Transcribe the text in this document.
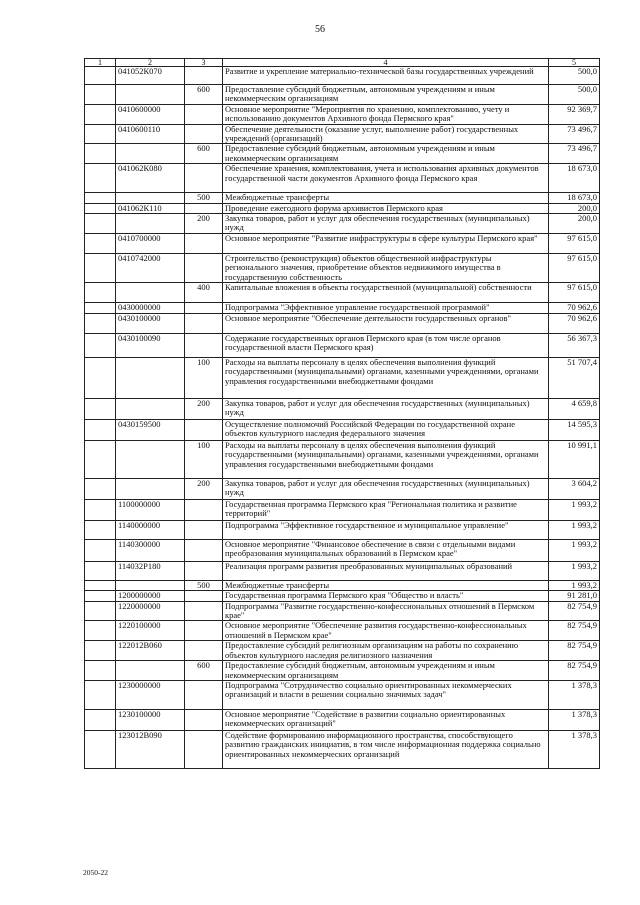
56
1	2	3	4	5
	041052К070		Развитие и укрепление материально-технической базы государственных учреждений	500,0
		600	Предоставление субсидий бюджетным, автономным учреждениям и иным некоммерческим организациям	500,0
	0410600000		Основное мероприятие "Мероприятия по хранению, комплектованию, учету и использованию документов Архивного фонда Пермского края"	92 369,7
	0410600110		Обеспечение деятельности (оказание услуг, выполнение работ) государственных учреждений (организаций)	73 496,7
		600	Предоставление субсидий бюджетным, автономным учреждениям и иным некоммерческим организациям	73 496,7
	041062К080		Обеспечение хранения, комплектования, учета и использования архивных документов государственной части документов Архивного фонда Пермского края	18 673,0
		500	Межбюджетные трансферты	18 673,0
	041062К110		Проведение ежегодного форума архивистов Пермского края	200,0
		200	Закупка товаров, работ и услуг для обеспечения государственных (муниципальных) нужд	200,0
	0410700000		Основное мероприятие "Развитие инфраструктуры в сфере культуры Пермского края"	97 615,0
	0410742000		Строительство (реконструкция) объектов общественной инфраструктуры регионального значения, приобретение объектов недвижимого имущества в государственную собственность	97 615,0
		400	Капитальные вложения в объекты государственной (муниципальной) собственности	97 615,0
	0430000000		Подпрограмма "Эффективное управление государственной программой"	70 962,6
	0430100000		Основное мероприятие "Обеспечение деятельности государственных органов"	70 962,6
	0430100090		Содержание государственных органов Пермского края (в том числе органов государственной власти Пермского края)	56 367,3
		100	Расходы на выплаты персоналу в целях обеспечения выполнения функций государственными (муниципальными) органами, казенными учреждениями, органами управления государственными внебюджетными фондами	51 707,4
		200	Закупка товаров, работ и услуг для обеспечения государственных (муниципальных) нужд	4 659,8
	0430159500		Осуществление полномочий Российской Федерации по государственной охране объектов культурного наследия федерального значения	14 595,3
		100	Расходы на выплаты персоналу в целях обеспечения выполнения функций государственными (муниципальными) органами, казенными учреждениями, органами управления государственными внебюджетными фондами	10 991,1
		200	Закупка товаров, работ и услуг для обеспечения государственных (муниципальных) нужд	3 604,2
	1100000000		Государственная программа Пермского края "Региональная политика и развитие территорий"	1 993,2
	1140000000		Подпрограмма "Эффективное государственное и муниципальное управление"	1 993,2
	1140300000		Основное мероприятие "Финансовое обеспечение в связи с отдельными видами преобразования муниципальных образований в Пермском крае"	1 993,2
	114032Р180		Реализация программ развития преобразованных муниципальных образований	1 993,2
		500	Межбюджетные трансферты	1 993,2
	1200000000		Государственная программа Пермского края "Общество и власть"	91 281,0
	1220000000		Подпрограмма "Развитие государственно-конфессиональных отношений в Пермском крае"	82 754,9
	1220100000		Основное мероприятие "Обеспечение развития государственно-конфессиональных отношений в Пермском крае"	82 754,9
	122012В060		Предоставление субсидий религиозным организациям на работы по сохранению объектов культурного наследия религиозного назначения	82 754,9
		600	Предоставление субсидий бюджетным, автономным учреждениям и иным некоммерческим организациям	82 754,9
	1230000000		Подпрограмма "Сотрудничество социально ориентированных некоммерческих организаций и власти в решении социально значимых задач"	1 378,3
	1230100000		Основное мероприятие "Содействие в развитии социально ориентированных некоммерческих организаций"	1 378,3
	123012В090		Содействие формированию информационного пространства, способствующего развитию гражданских инициатив, в том числе информационная поддержка социально ориентированных некоммерческих организаций	1 378,3
2050-22
